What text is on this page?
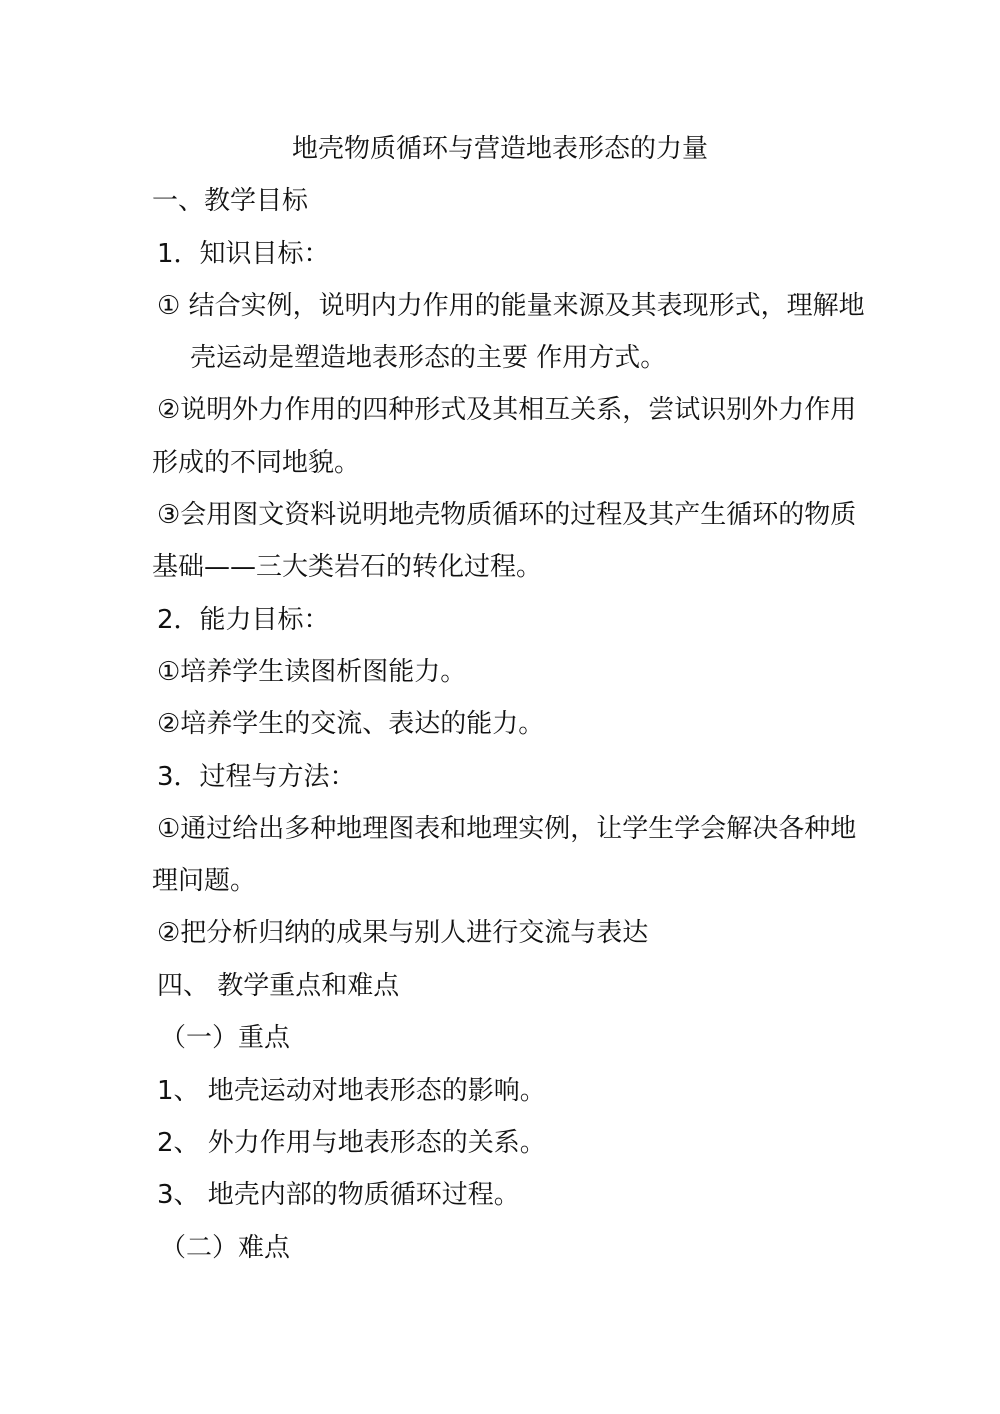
地壳物质循环与营造地表形态的力量
一、教学目标
1．知识目标：
① 结合实例，说明内力作用的能量来源及其表现形式，理解地
壳运动是塑造地表形态的主要 作用方式。
②说明外力作用的四种形式及其相互关系，尝试识别外力作用
形成的不同地貌。
③会用图文资料说明地壳物质循环的过程及其产生循环的物质
基础——三大类岩石的转化过程。
2．能力目标：
①培养学生读图析图能力。
②培养学生的交流、表达的能力。
3．过程与方法：
①通过给出多种地理图表和地理实例，让学生学会解决各种地
理问题。
②把分析归纳的成果与别人进行交流与表达
四、 教学重点和难点
（一）重点
1、 地壳运动对地表形态的影响。
2、 外力作用与地表形态的关系。
3、 地壳内部的物质循环过程。
（二）难点
